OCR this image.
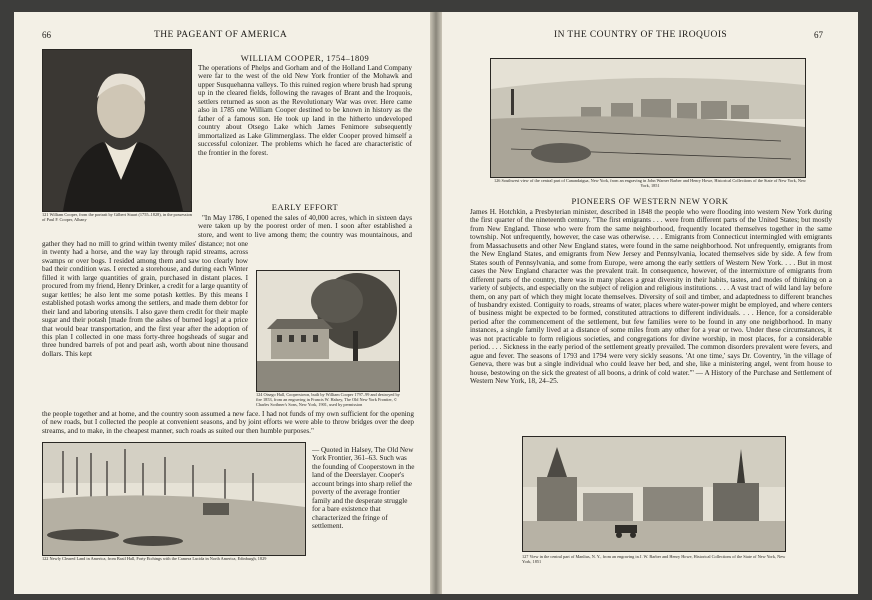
66	THE PAGEANT OF AMERICA
121 William Cooper, from the portrait by Gilbert Stuart (1755–1828), in the possession of Paul F. Cooper, Albany
WILLIAM COOPER, 1754–1809

The operations of Phelps and Gorham and of the Holland Land Company were far to the west of the old New York frontier of the Mohawk and upper Susquehanna valleys. To this ruined region where brush had sprung up in the cleared fields, following the ravages of Brant and the Iroquois, settlers returned as soon as the Revolutionary War was over. Here came also in 1785 one William Cooper destined to be known in history as the father of a famous son. He took up land in the hitherto undeveloped country about Otsego Lake which James Fenimore subsequently immortalized as Lake Glimmerglass. The elder Cooper proved himself a successful colonizer. The problems which he faced are characteristic of the frontier in the forest.

EARLY EFFORT

"In May 1786, I opened the sales of 40,000 acres, which in sixteen days were taken up by the poorest order of men. I soon after established a store, and went to live among them; the country was mountainous, and

gather they had no mill to grind within twenty miles' distance; not one in twenty had a horse, and the way lay through rapid streams, across swamps or over bogs. I resided among them and saw too clearly how bad their condition was. I erected a storehouse, and during each Winter filled it with large quantities of grain, purchased in distant places. I procured from my friend, Henry Drinker, a credit for a large quantity of sugar kettles; he also lent me some potash kettles. By this means I established potash works among the settlers, and made them debtor for their land and laboring utensils. I also gave them credit for their maple sugar and their potash [made from the ashes of burned logs] at a price that would bear transportation, and the first year after the adoption of this plan I collected in one mass forty-three hogsheads of sugar and three hundred barrels of pot and pearl ash, worth about nine thousand dollars. This kept

124 Otsego Hall, Cooperstown, built by William Cooper 1797–99 and destroyed by fire 1853, from an engraving in Francis W. Halsey, The Old New York Frontier, © Charles Scribner's Sons, New York, 1901, used by permission

the people together and at home, and the country soon assumed a new face. I had not funds of my own sufficient for the opening of new roads, but I collected the people at convenient seasons, and by joint efforts we were able to throw bridges over the deep streams, and to make, in the cheapest manner, such roads as suited our then humble purposes."

122 Newly Cleared Land in America, from Basil Hall, Forty Etchings with the Camera Lucida in North America, Edinburgh, 1829

— Quoted in Halsey, The Old New York Frontier, 361–63. Such was the founding of Cooperstown in the land of the Deerslayer. Cooper's account brings into sharp relief the poverty of the average frontier family and the desperate struggle for a bare existence that characterized the fringe of settlement.

IN THE COUNTRY OF THE IROQUOIS	67
126 Southwest view of the central part of Canandaigua, New York, from an engraving in John Warner Barber and Henry Howe, Historical Collections of the State of New York, New York, 1851
PIONEERS OF WESTERN NEW YORK

James H. Hotchkin, a Presbyterian minister, described in 1848 the people who were flooding into western New York during the first quarter of the nineteenth century. "The first emigrants . . . were from different parts of the United States; but mostly from New England. Those who were from the same neighborhood, frequently located themselves together in the same township. Not unfrequently, however, the case was otherwise. . . . Emigrants from Connecticut intermingled with emigrants from Massachusetts and other New England states, were found in the same neighborhood. Not unfrequently, emigrants from the New England States, and emigrants from New Jersey and Pennsylvania, located themselves side by side. A few from States south of Pennsylvania, and some from Europe, were among the early settlers of Western New York. . . . But in most cases the New England character was the prevalent trait. In consequence, however, of the intermixture of emigrants from different parts of the country, there was in many places a great diversity in their habits, tastes, and modes of thinking on a variety of subjects, and especially on the subject of religion and religious institutions. . . . A vast tract of wild land lay before them, on any part of which they might locate themselves. Diversity of soil and timber, and adaptedness to different branches of husbandry existed. Contiguity to roads, streams of water, places where water-power might be employed, and where centers of business might be expected to be formed, constituted attractions to different individuals. . . . Hence, for a considerable period after the commencement of the settlement, but few families were to be found in any one neighborhood. In many instances, a single family lived at a distance of some miles from any other for a year or two. Under these circumstances, it was not practicable to form religious societies, and congregations for divine worship, in most places, for a considerable period. . . . Sickness in the early period of the settlement greatly prevailed. The common disorders prevalent were fevers, and ague and fever. The seasons of 1793 and 1794 were very sickly seasons. 'At one time,' says Dr. Coventry, 'in the village of Geneva, there was but a single individual who could leave her bed, and she, like a ministering angel, went from house to house, bestowing on the sick the greatest of all boons, a drink of cold water.'" — A History of the Purchase and Settlement of Western New York, 18, 24–25.

127 View in the central part of Manlius, N. Y., from an engraving in J. W. Barber and Henry Howe, Historical Collections of the State of New York, New York, 1851
